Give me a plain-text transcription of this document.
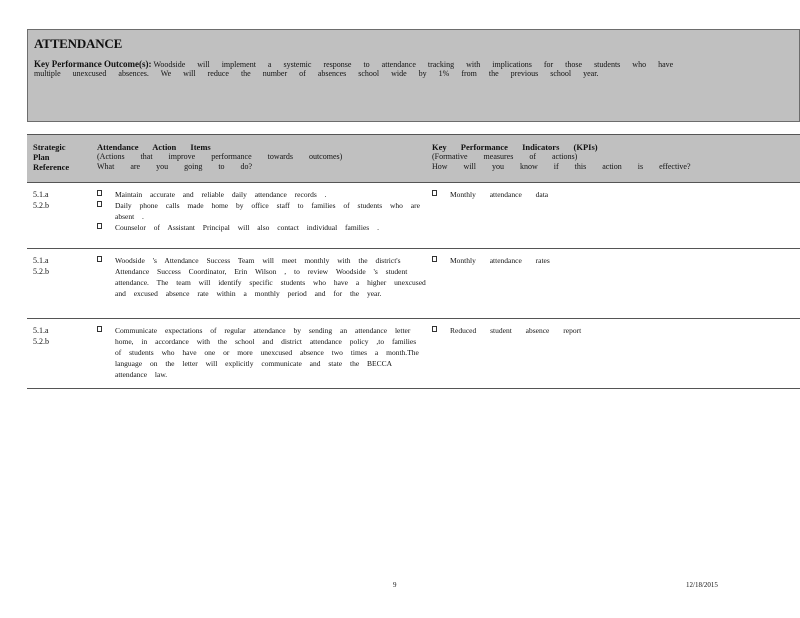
ATTENDANCE
Key Performance Outcome(s): Woodside will implement a systemic response to attendance tracking with implications for those students who have
multiple unexcused absences. We will reduce the number of absences school wide by 1% from the previous school year.
Strategic
Plan
Reference
Attendance Action Items
(Actions that improve performance towards outcomes)
What are you going to do?
Key Performance Indicators (KPIs)
(Formative measures of actions)
How will you know if this action is effective?
5.1.a
5.2.b
Maintain accurate and reliable daily attendance records .
Daily phone calls made home by office staff to families of students who are absent .
Counselor of Assistant Principal will also contact individual families .
Monthly attendance data
5.1.a
5.2.b
Woodside 's Attendance Success Team will meet monthly with the district's Attendance Success Coordinator, Erin Wilson , to review Woodside 's student attendance. The team will identify specific students who have a higher unexcused and excused absence rate within a monthly period and for the year.
Monthly attendance rates
5.1.a
5.2.b
Communicate expectations of regular attendance by sending an attendance letter home, in accordance with the school and district attendance policy ,to families of students who have one or more unexcused absence two times a month.The language on the letter will explicitly communicate and state the BECCA attendance law.
Reduced student absence report
9	12/18/2015
